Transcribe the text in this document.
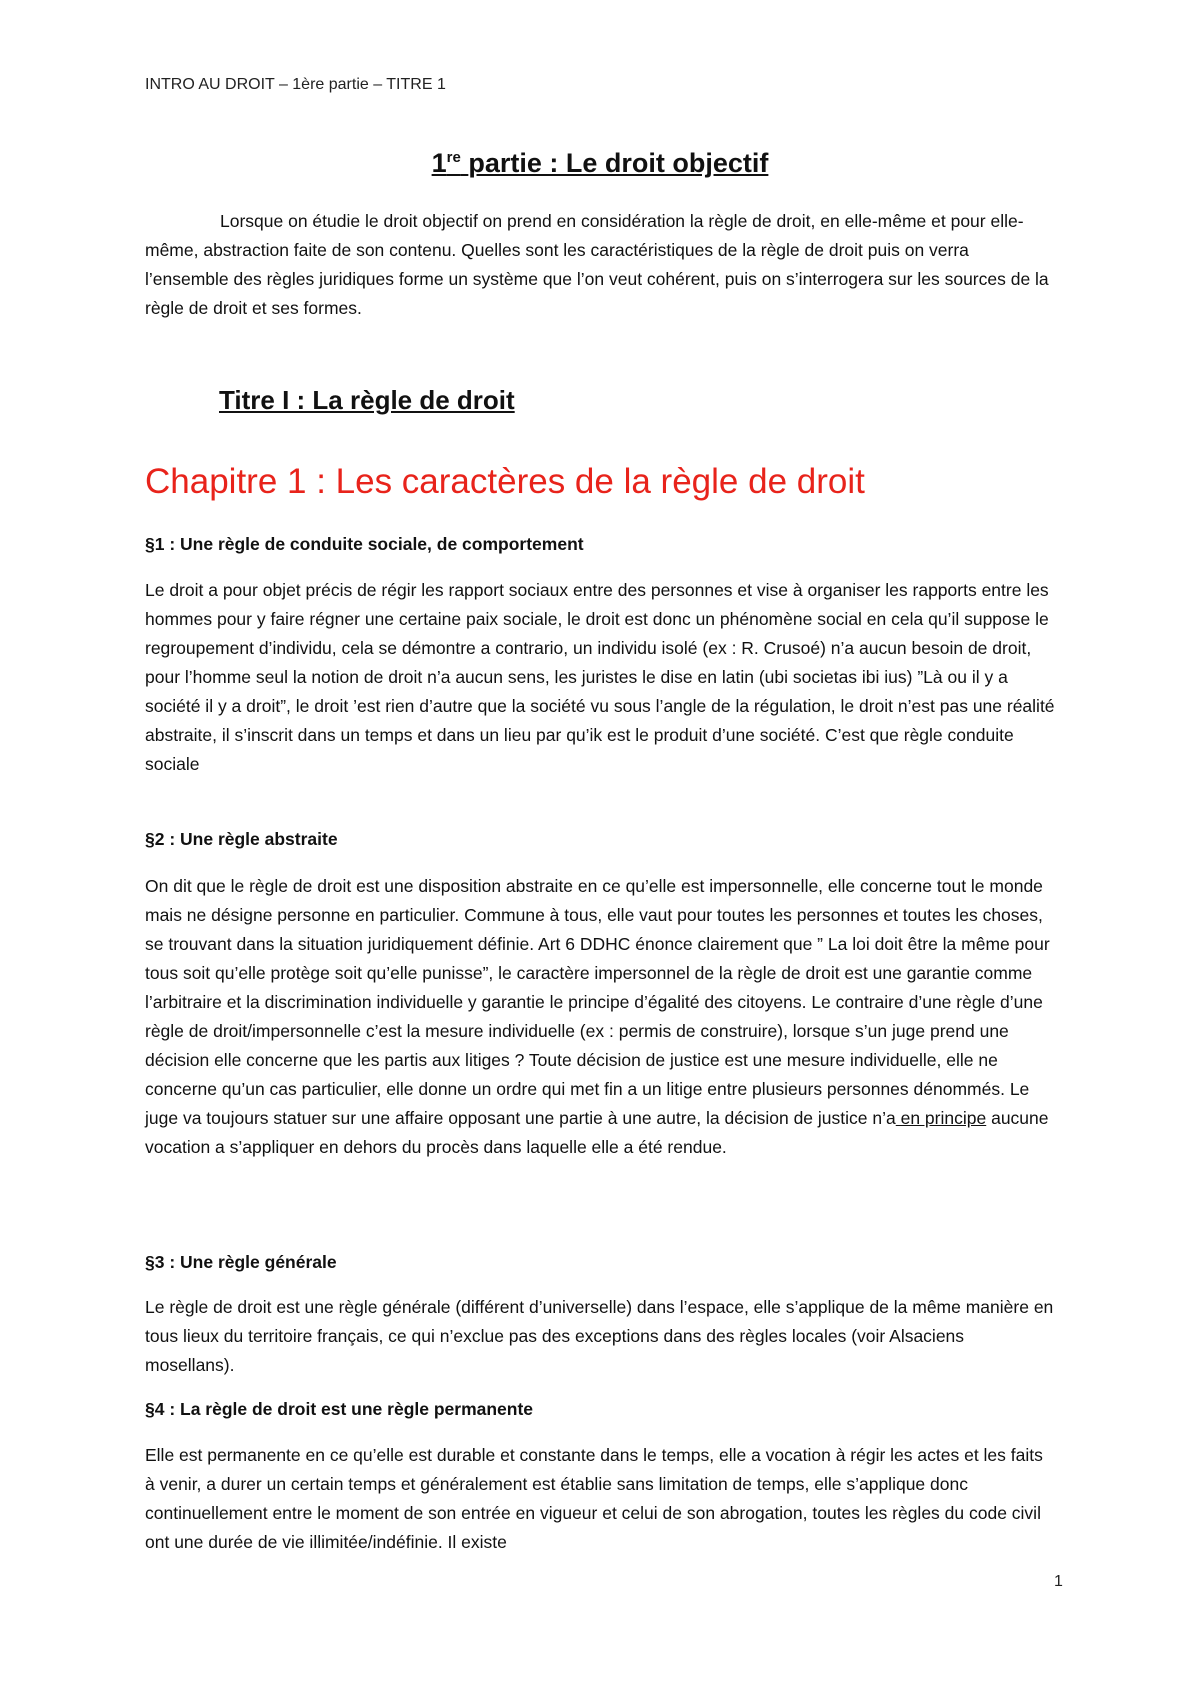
INTRO AU DROIT – 1ère partie – TITRE 1
1re partie : Le droit objectif
Lorsque on étudie le droit objectif on prend en considération la règle de droit, en elle-même et pour elle-même, abstraction faite de son contenu. Quelles sont les caractéristiques de la règle de droit puis on verra l’ensemble des règles juridiques forme un système que l’on veut cohérent, puis on s’interrogera sur les sources de la règle de droit et ses formes.
Titre I : La règle de droit
Chapitre 1 : Les caractères de la règle de droit
§1 : Une règle de conduite sociale, de comportement
Le droit a pour objet précis de régir les rapport sociaux entre des personnes et vise à organiser les rapports entre les hommes pour y faire régner une certaine paix sociale, le droit est donc un phénomène social en cela qu’il suppose le regroupement d’individu, cela se démontre a contrario, un individu isolé (ex : R. Crusoé) n’a aucun besoin de droit, pour l’homme seul la notion de droit n’a aucun sens, les juristes le dise en latin (ubi societas ibi ius) ”Là ou il y a société il y a droit”, le droit ’est rien d’autre que la société vu sous l’angle de la régulation, le droit n’est pas une réalité abstraite, il s’inscrit dans un temps et dans un lieu par qu’ik est le produit d’une société. C’est que règle conduite sociale
§2 : Une règle abstraite
On dit que le règle de droit est une disposition abstraite en ce qu’elle est impersonnelle, elle concerne tout le monde mais ne désigne personne en particulier. Commune à tous, elle vaut pour toutes les personnes et toutes les choses, se trouvant dans la situation juridiquement définie. Art 6 DDHC énonce clairement que ” La loi doit être la même pour tous soit qu’elle protège soit qu’elle punisse”, le caractère impersonnel de la règle de droit est une garantie comme l’arbitraire et la discrimination individuelle y garantie le principe d’égalité des citoyens. Le contraire d’une règle d’une règle de droit/impersonnelle c’est la mesure individuelle (ex : permis de construire), lorsque s’un juge prend une décision elle concerne que les partis aux litiges ? Toute décision de justice est une mesure individuelle, elle ne concerne qu’un cas particulier, elle donne un ordre qui met fin a un litige entre plusieurs personnes dénommés. Le juge va toujours statuer sur une affaire opposant une partie à une autre, la décision de justice n’a en principe aucune vocation a s’appliquer en dehors du procès dans laquelle elle a été rendue.
§3 : Une règle générale
Le règle de droit est une règle générale (différent d’universelle) dans l’espace, elle s’applique de la même manière en tous lieux du territoire français, ce qui n’exclue pas des exceptions dans des règles locales (voir Alsaciens mosellans).
§4 : La règle de droit est une règle permanente
Elle est permanente en ce qu’elle est durable et constante dans le temps, elle a vocation à régir les actes et les faits à venir, a durer un certain temps et généralement est établie sans limitation de temps, elle s’applique donc continuellement entre le moment de son entrée en vigueur et celui de son abrogation, toutes les règles du code civil ont une durée de vie illimitée/indéfinie. Il existe
1
